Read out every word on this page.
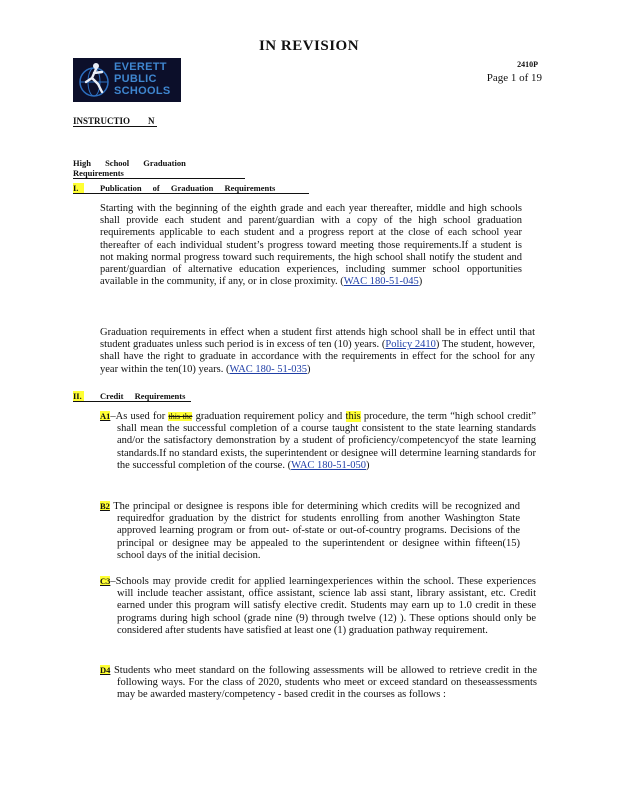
IN REVISION
EVERETT
PUBLIC
SCHOOLS
2410P
Page 1 of 19
INSTRUCTIO N
High School Graduation Requirements
I.	Publication of Graduation Requirements
Starting with the beginning of the eighth grade and each year thereafter, middle and high schools shall provide each student and parent/guardian with a copy of the high school graduation requirements applicable to each student and a progress report at the close of each school year thereafter of each individual student’s progress toward meeting those requirements.If a student is not making normal progress toward such requirements, the high school shall notify the student and parent/guardian of alternative education experiences, including summer school opportunities available in the community, if any, or in close proximity. (WAC 180-51-045)
Graduation requirements in effect when a student first attends high school shall be in effect until that student graduates unless such period is in excess of ten (10) years. (Policy 2410) The student, however, shall have the right to graduate in accordance with the requirements in effect for the school for any year within the ten(10) years. (WAC 180- 51-035)
II. Credit Requirements
A1–As used for this the graduation requirement policy and this procedure, the term “high school credit” shall mean the successful completion of a course taught consistent to the state learning standards and/or the satisfactory demonstration by a student of proficiency/competencyof the state learning standards.If no standard exists, the superintendent or designee will determine learning standards for the successful completion of the course. (WAC 180-51-050)
B2 The principal or designee is respons ible for determining which credits will be recognized and requiredfor graduation by the district for students enrolling from another Washington State approved learning program or from out- of-state or out-of-country programs. Decisions of the principal or designee may be appealed to the superintendent or designee within fifteen(15) school days of the initial decision.
C3–Schools may provide credit for applied learningexperiences within the school. These experiences will include teacher assistant, office assistant, science lab assi stant, library assistant, etc. Credit earned under this program will satisfy elective credit. Students may earn up to 1.0 credit in these programs during high school (grade nine (9) through twelve (12) ). These options should only be considered after students have satisfied at least one (1) graduation pathway requirement.
D4 Students who meet standard on the following assessments will be allowed to retrieve credit in the following ways. For the class of 2020, students who meet or exceed standard on theseassessments may be awarded mastery/competency - based credit in the courses as follows :
